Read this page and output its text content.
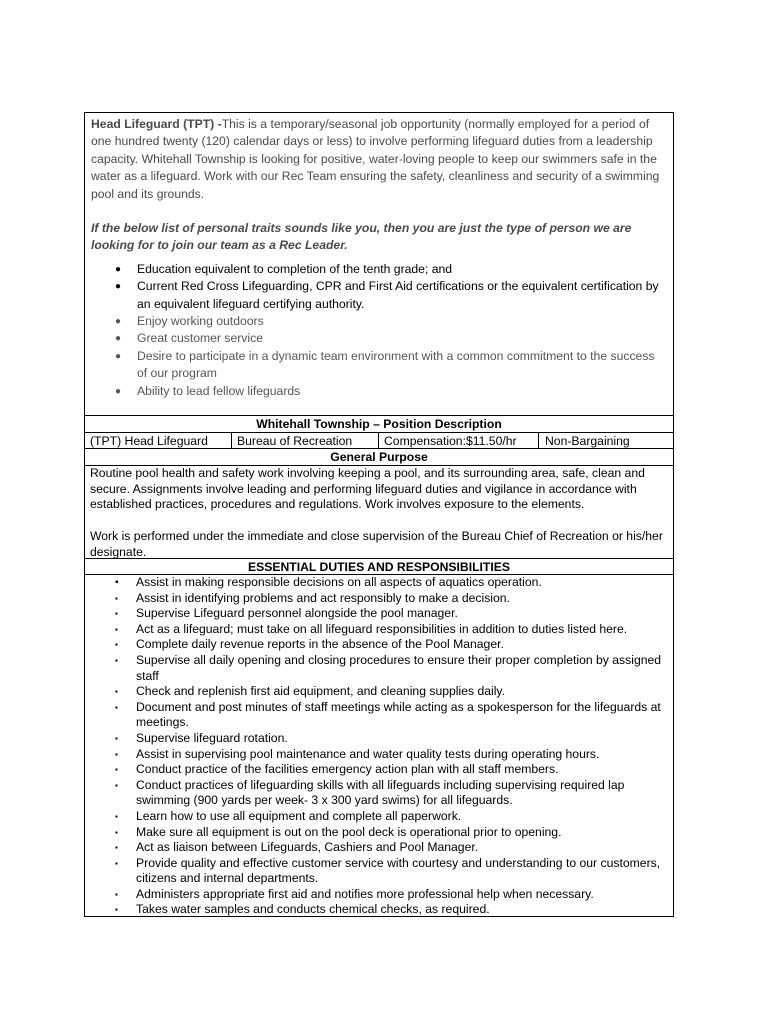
Head Lifeguard (TPT) -This is a temporary/seasonal job opportunity (normally employed for a period of one hundred twenty (120) calendar days or less) to involve performing lifeguard duties from a leadership capacity. Whitehall Township is looking for positive, water-loving people to keep our swimmers safe in the water as a lifeguard. Work with our Rec Team ensuring the safety, cleanliness and security of a swimming pool and its grounds.

If the below list of personal traits sounds like you, then you are just the type of person we are looking for to join our team as a Rec Leader.

● Education equivalent to completion of the tenth grade; and
● Current Red Cross Lifeguarding, CPR and First Aid certifications or the equivalent certification by an equivalent lifeguard certifying authority.
● Enjoy working outdoors
● Great customer service
● Desire to participate in a dynamic team environment with a common commitment to the success of our program
● Ability to lead fellow lifeguards
Whitehall Township – Position Description
(TPT) Head Lifeguard Bureau of Recreation	Compensation:$11.50/hr Non-Bargaining
General Purpose

Routine pool health and safety work involving keeping a pool, and its surrounding area, safe, clean and secure. Assignments involve leading and performing lifeguard duties and vigilance in accordance with established practices, procedures and regulations. Work involves exposure to the elements.

Work is performed under the immediate and close supervision of the Bureau Chief of Recreation or his/her designate.

ESSENTIAL DUTIES AND RESPONSIBILITIES
▪ Assist in making responsible decisions on all aspects of aquatics operation.
▪ Assist in identifying problems and act responsibly to make a decision.
▪ Supervise Lifeguard personnel alongside the pool manager.
▪ Act as a lifeguard; must take on all lifeguard responsibilities in addition to duties listed here.
▪ Complete daily revenue reports in the absence of the Pool Manager.
▪ Supervise all daily opening and closing procedures to ensure their proper completion by assigned staff
▪ Check and replenish first aid equipment, and cleaning supplies daily.
▪ Document and post minutes of staff meetings while acting as a spokesperson for the lifeguards at meetings.
▪ Supervise lifeguard rotation.
▪ Assist in supervising pool maintenance and water quality tests during operating hours.
▪ Conduct practice of the facilities emergency action plan with all staff members.
▪ Conduct practices of lifeguarding skills with all lifeguards including supervising required lap swimming (900 yards per week- 3 x 300 yard swims) for all lifeguards.
▪ Learn how to use all equipment and complete all paperwork.
▪ Make sure all equipment is out on the pool deck is operational prior to opening.
▪ Act as liaison between Lifeguards, Cashiers and Pool Manager.
▪ Provide quality and effective customer service with courtesy and understanding to our customers, citizens and internal departments.
▪ Administers appropriate first aid and notifies more professional help when necessary.
▪ Takes water samples and conducts chemical checks, as required.
